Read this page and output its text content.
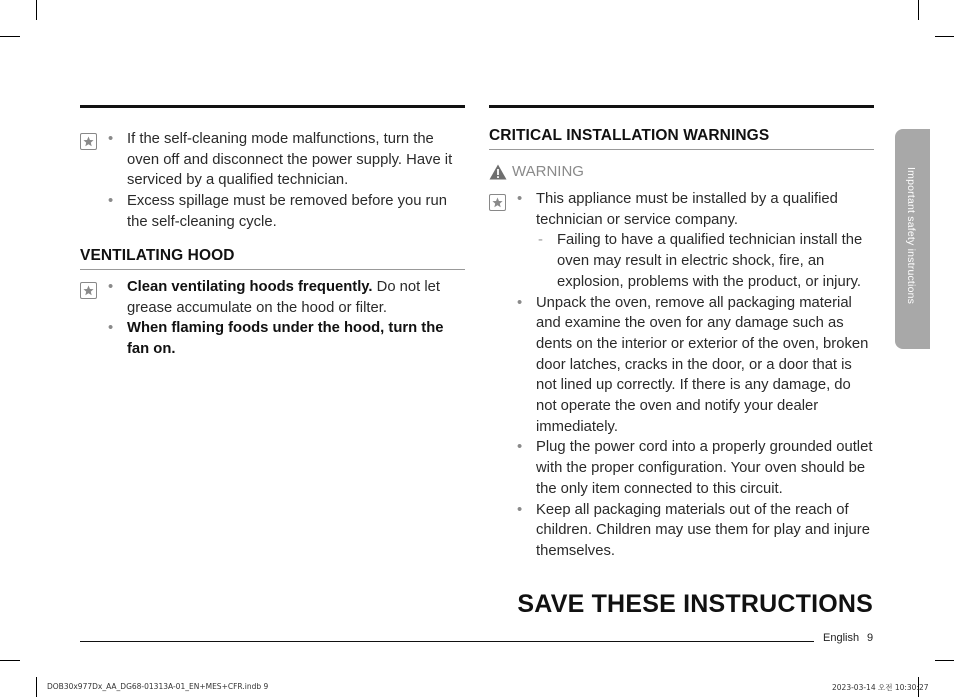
• If the self-cleaning mode malfunctions, turn the oven off and disconnect the power supply. Have it serviced by a qualified technician.
• Excess spillage must be removed before you run the self-cleaning cycle.
VENTILATING HOOD
• Clean ventilating hoods frequently. Do not let grease accumulate on the hood or filter.
• When flaming foods under the hood, turn the fan on.
CRITICAL INSTALLATION WARNINGS
WARNING
• This appliance must be installed by a qualified technician or service company.
- Failing to have a qualified technician install the oven may result in electric shock, fire, an explosion, problems with the product, or injury.
• Unpack the oven, remove all packaging material and examine the oven for any damage such as dents on the interior or exterior of the oven, broken door latches, cracks in the door, or a door that is not lined up correctly. If there is any damage, do not operate the oven and notify your dealer immediately.
• Plug the power cord into a properly grounded outlet with the proper configuration. Your oven should be the only item connected to this circuit.
• Keep all packaging materials out of the reach of children. Children may use them for play and injure themselves.
Important safety instructions
SAVE THESE INSTRUCTIONS
English 9
DOB30x977Dx_AA_DG68-01313A-01_EN+MES+CFR.indb 9	2023-03-14 오전 10:30:27
